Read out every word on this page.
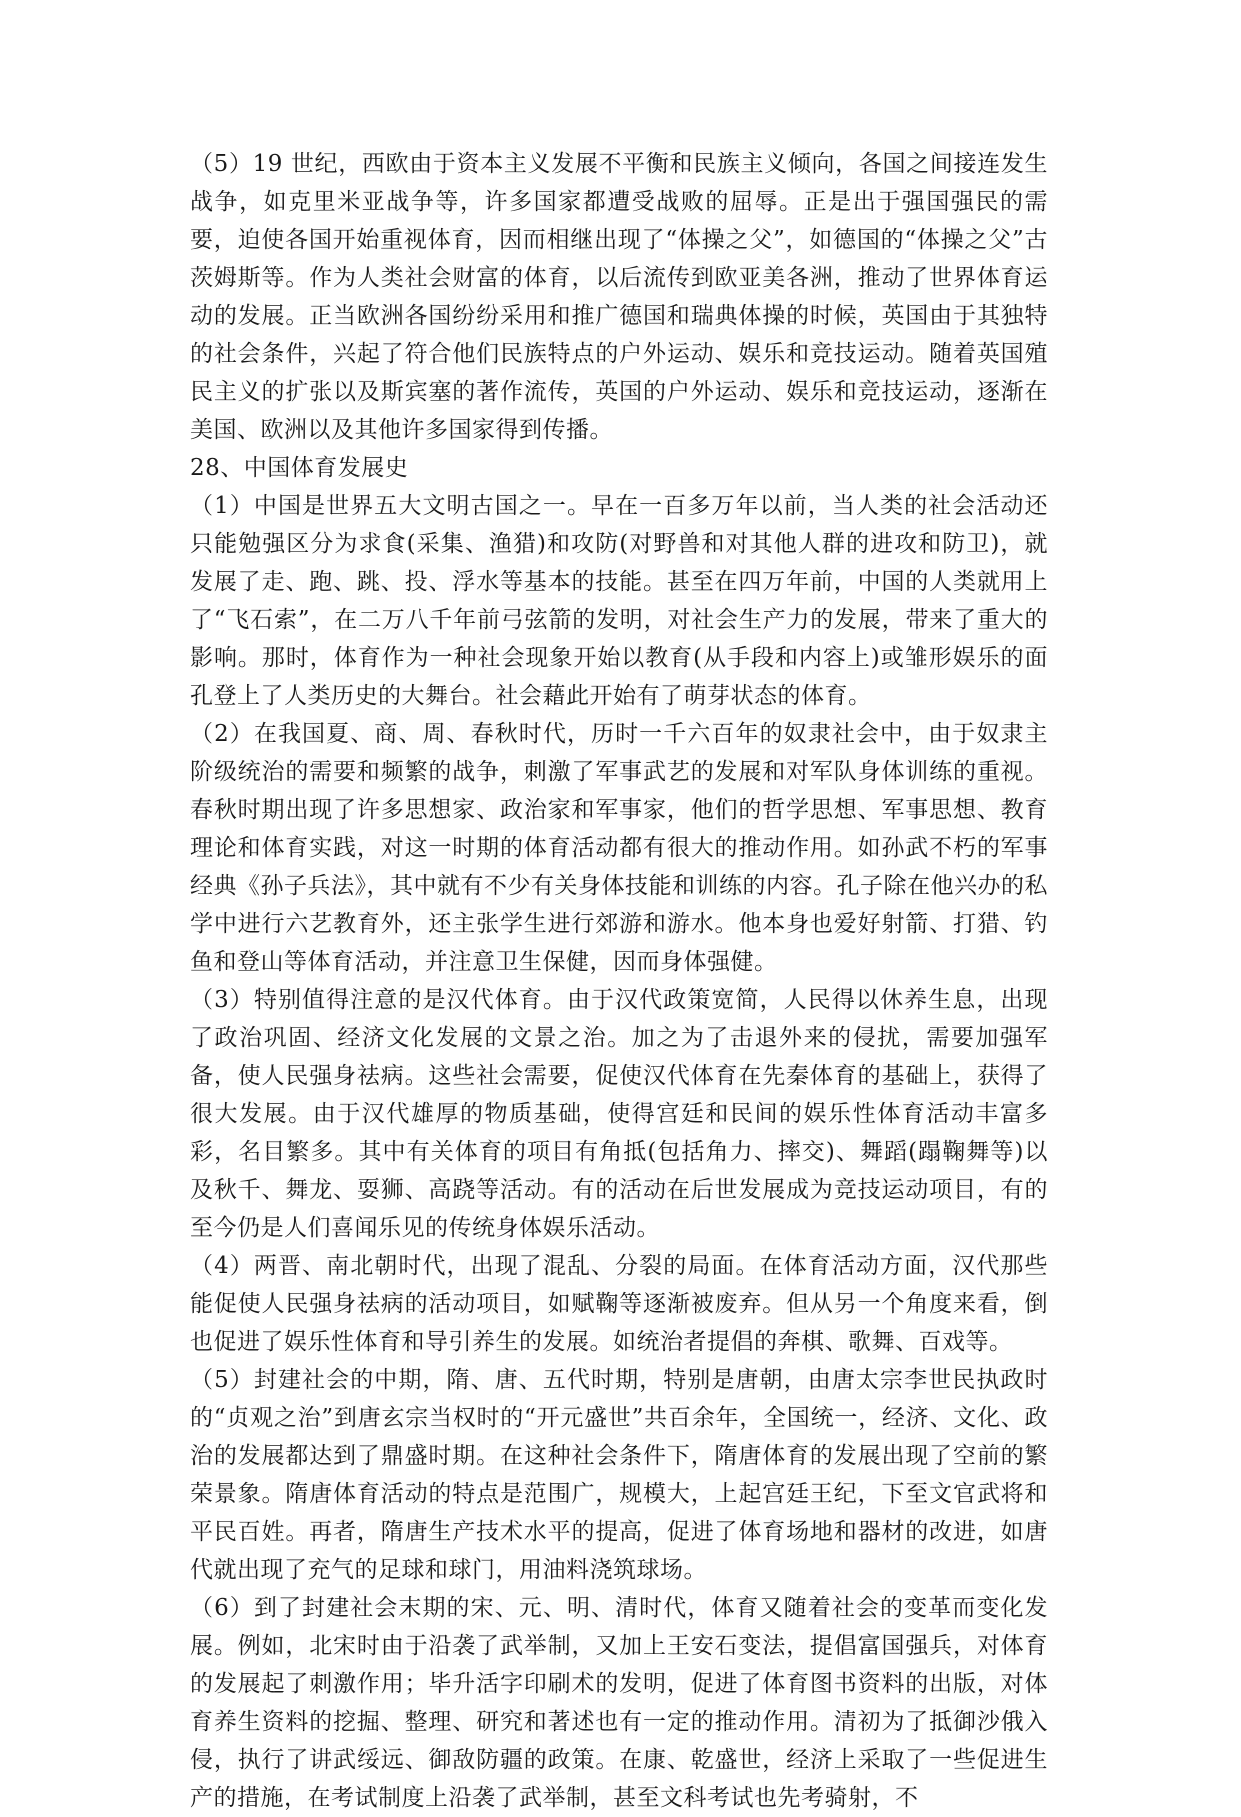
（5）19 世纪，西欧由于资本主义发展不平衡和民族主义倾向，各国之间接连发生战争，如克里米亚战争等，许多国家都遭受战败的屈辱。正是出于强国强民的需要，迫使各国开始重视体育，因而相继出现了“体操之父”，如德国的“体操之父”古茨姆斯等。作为人类社会财富的体育，以后流传到欧亚美各洲，推动了世界体育运动的发展。正当欧洲各国纷纷采用和推广德国和瑞典体操的时候，英国由于其独特的社会条件，兴起了符合他们民族特点的户外运动、娱乐和竞技运动。随着英国殖民主义的扩张以及斯宾塞的著作流传，英国的户外运动、娱乐和竞技运动，逐渐在美国、欧洲以及其他许多国家得到传播。

28、中国体育发展史

（1）中国是世界五大文明古国之一。早在一百多万年以前，当人类的社会活动还只能勉强区分为求食(采集、渔猎)和攻防(对野兽和对其他人群的进攻和防卫)，就发展了走、跑、跳、投、浮水等基本的技能。甚至在四万年前，中国的人类就用上了“飞石索”，在二万八千年前弓弦箭的发明，对社会生产力的发展，带来了重大的影响。那时，体育作为一种社会现象开始以教育(从手段和内容上)或雏形娱乐的面孔登上了人类历史的大舞台。社会藉此开始有了萌芽状态的体育。

（2）在我国夏、商、周、春秋时代，历时一千六百年的奴隶社会中，由于奴隶主阶级统治的需要和频繁的战争，刺激了军事武艺的发展和对军队身体训练的重视。春秋时期出现了许多思想家、政治家和军事家，他们的哲学思想、军事思想、教育理论和体育实践，对这一时期的体育活动都有很大的推动作用。如孙武不朽的军事经典《孙子兵法》，其中就有不少有关身体技能和训练的内容。孔子除在他兴办的私学中进行六艺教育外，还主张学生进行郊游和游水。他本身也爱好射箭、打猎、钓鱼和登山等体育活动，并注意卫生保健，因而身体强健。

（3）特别值得注意的是汉代体育。由于汉代政策宽简，人民得以休养生息，出现了政治巩固、经济文化发展的文景之治。加之为了击退外来的侵扰，需要加强军备，使人民强身祛病。这些社会需要，促使汉代体育在先秦体育的基础上，获得了很大发展。由于汉代雄厚的物质基础，使得宫廷和民间的娱乐性体育活动丰富多彩，名目繁多。其中有关体育的项目有角抵(包括角力、摔交)、舞蹈(蹋鞠舞等)以及秋千、舞龙、耍狮、高跷等活动。有的活动在后世发展成为竞技运动项目，有的至今仍是人们喜闻乐见的传统身体娱乐活动。

（4）两晋、南北朝时代，出现了混乱、分裂的局面。在体育活动方面，汉代那些能促使人民强身祛病的活动项目，如赋鞠等逐渐被废弃。但从另一个角度来看，倒也促进了娱乐性体育和导引养生的发展。如统治者提倡的奔棋、歌舞、百戏等。

（5）封建社会的中期，隋、唐、五代时期，特别是唐朝，由唐太宗李世民执政时的“贞观之治”到唐玄宗当权时的“开元盛世”共百余年，全国统一，经济、文化、政治的发展都达到了鼎盛时期。在这种社会条件下，隋唐体育的发展出现了空前的繁荣景象。隋唐体育活动的特点是范围广，规模大，上起宫廷王纪，下至文官武将和平民百姓。再者，隋唐生产技术水平的提高，促进了体育场地和器材的改进，如唐代就出现了充气的足球和球门，用油料浇筑球场。

（6）到了封建社会末期的宋、元、明、清时代，体育又随着社会的变革而变化发展。例如，北宋时由于沿袭了武举制，又加上王安石变法，提倡富国强兵，对体育的发展起了刺激作用；毕升活字印刷术的发明，促进了体育图书资料的出版，对体育养生资料的挖掘、整理、研究和著述也有一定的推动作用。清初为了抵御沙俄入侵，执行了讲武绥远、御敌防疆的政策。在康、乾盛世，经济上采取了一些促进生产的措施，在考试制度上沿袭了武举制，甚至文科考试也先考骑射，不
